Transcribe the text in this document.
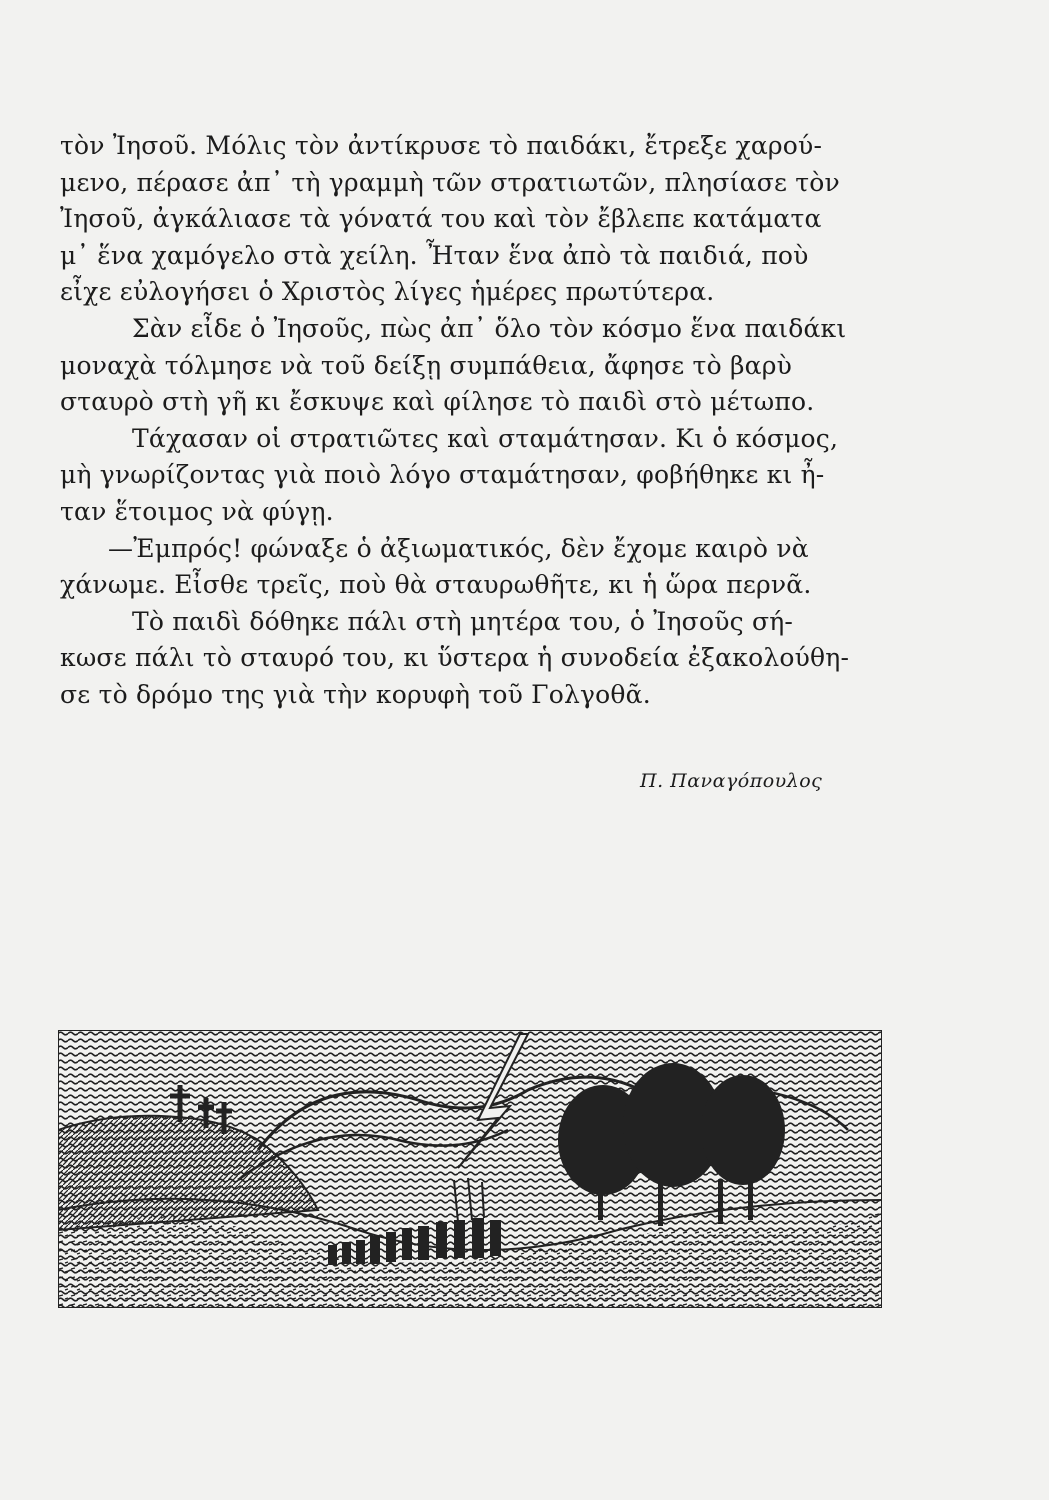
τὸν Ἰησοῦ. Μόλις τὸν ἀντίκρυσε τὸ παιδάκι, ἔτρεξε χαρού-
μενο, πέρασε ἀπ᾿ τὴ γραμμὴ τῶν στρατιωτῶν, πλησίασε τὸν
Ἰησοῦ, ἀγκάλιασε τὰ γόνατά του καὶ τὸν ἔβλεπε κατάματα
μ᾿ ἕνα χαμόγελο στὰ χείλη. Ἦταν ἕνα ἀπὸ τὰ παιδιά, ποὺ
εἶχε εὐλογήσει ὁ Χριστὸς λίγες ἡμέρες πρωτύτερα.
Σὰν εἶδε ὁ Ἰησοῦς, πὼς ἀπ᾿ ὅλο τὸν κόσμο ἕνα παιδάκι
μοναχὰ τόλμησε νὰ τοῦ δείξῃ συμπάθεια, ἄφησε τὸ βαρὺ
σταυρὸ στὴ γῆ κι ἔσκυψε καὶ φίλησε τὸ παιδὶ στὸ μέτωπο.
Τάχασαν οἱ στρατιῶτες καὶ σταμάτησαν. Κι ὁ κόσμος,
μὴ γνωρίζοντας γιὰ ποιὸ λόγο σταμάτησαν, φοβήθηκε κι ἦ-
ταν ἕτοιμος νὰ φύγῃ.
—Ἐμπρός! φώναξε ὁ ἀξιωματικός, δὲν ἔχομε καιρὸ νὰ
χάνωμε. Εἶσθε τρεῖς, ποὺ θὰ σταυρωθῆτε, κι ἡ ὥρα περνᾶ.
Τὸ παιδὶ δόθηκε πάλι στὴ μητέρα του, ὁ Ἰησοῦς σή-
κωσε πάλι τὸ σταυρό του, κι ὕστερα ἡ συνοδεία ἐξακολούθη-
σε τὸ δρόμο της γιὰ τὴν κορυφὴ τοῦ Γολγοθᾶ.
Π. Παναγόπουλος
